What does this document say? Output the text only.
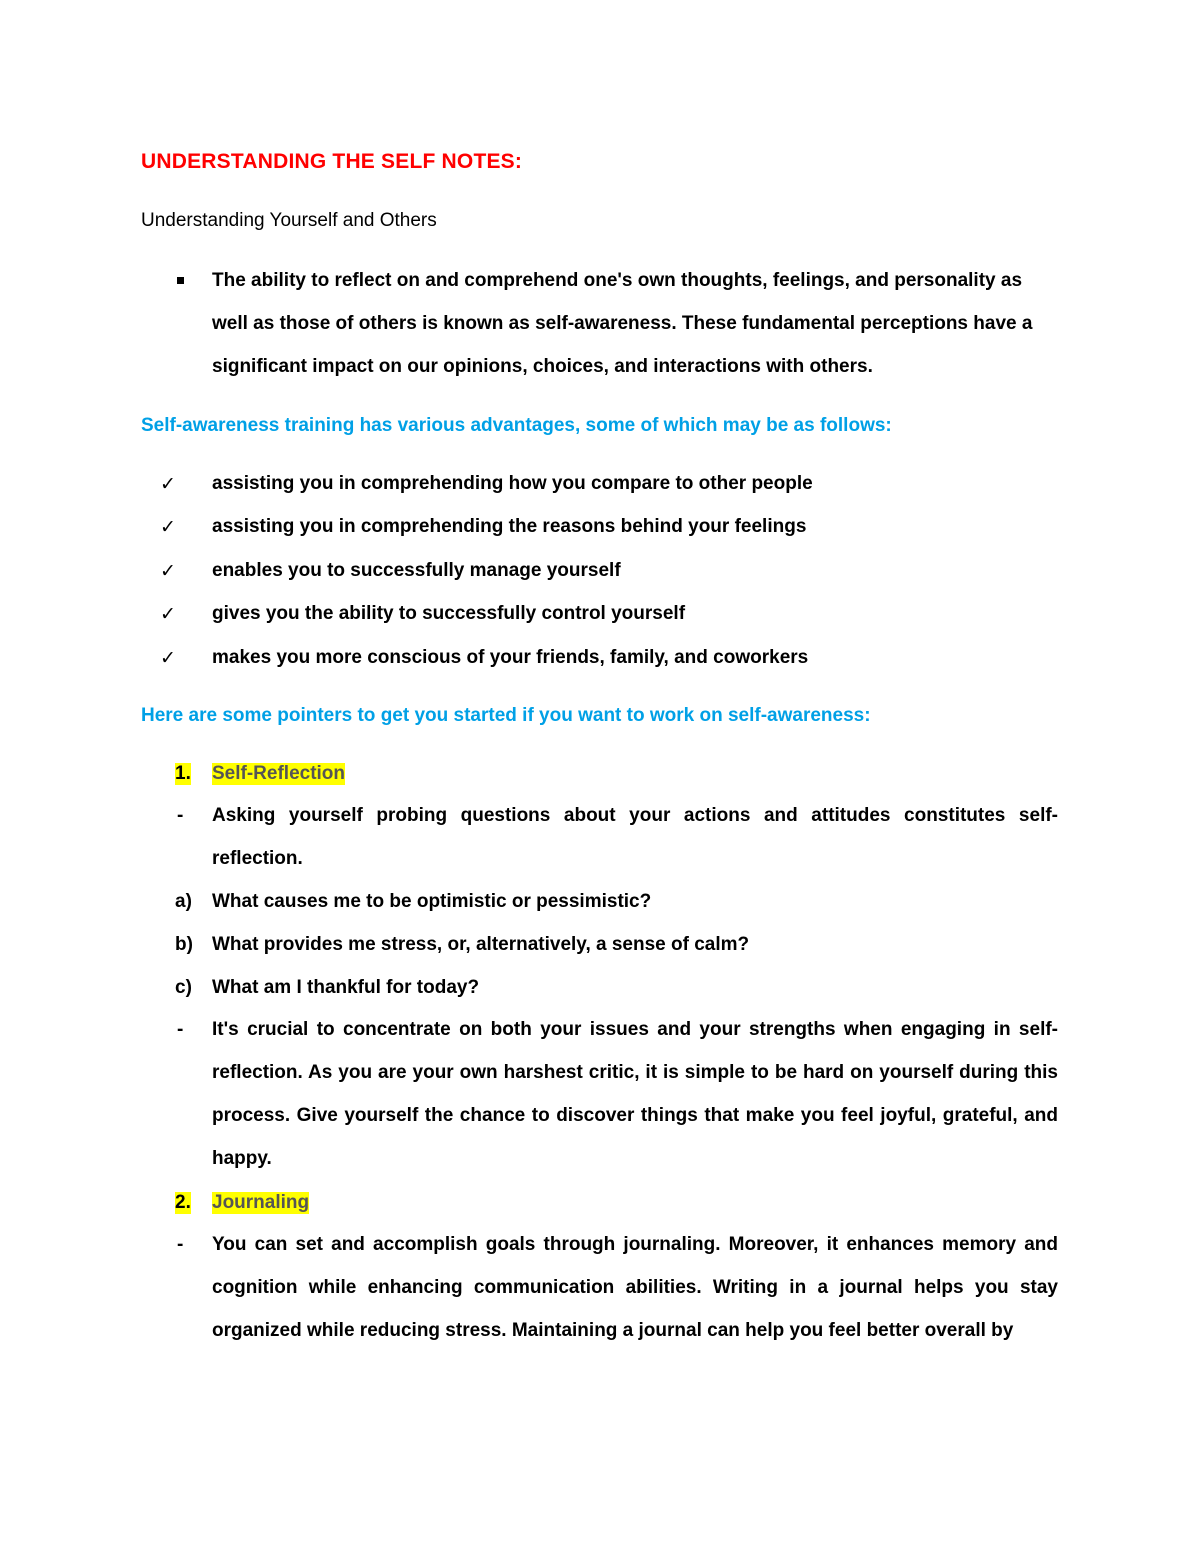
UNDERSTANDING THE SELF NOTES:
Understanding Yourself and Others
The ability to reflect on and comprehend one's own thoughts, feelings, and personality as well as those of others is known as self-awareness. These fundamental perceptions have a significant impact on our opinions, choices, and interactions with others.
Self-awareness training has various advantages, some of which may be as follows:
✓ assisting you in comprehending how you compare to other people
✓ assisting you in comprehending the reasons behind your feelings
✓ enables you to successfully manage yourself
✓ gives you the ability to successfully control yourself
✓ makes you more conscious of your friends, family, and coworkers
Here are some pointers to get you started if you want to work on self-awareness:
1. Self-Reflection
- Asking yourself probing questions about your actions and attitudes constitutes self-reflection.
a) What causes me to be optimistic or pessimistic?
b) What provides me stress, or, alternatively, a sense of calm?
c) What am I thankful for today?
- It's crucial to concentrate on both your issues and your strengths when engaging in self-reflection. As you are your own harshest critic, it is simple to be hard on yourself during this process. Give yourself the chance to discover things that make you feel joyful, grateful, and happy.
2. Journaling
- You can set and accomplish goals through journaling. Moreover, it enhances memory and cognition while enhancing communication abilities. Writing in a journal helps you stay organized while reducing stress. Maintaining a journal can help you feel better overall by
